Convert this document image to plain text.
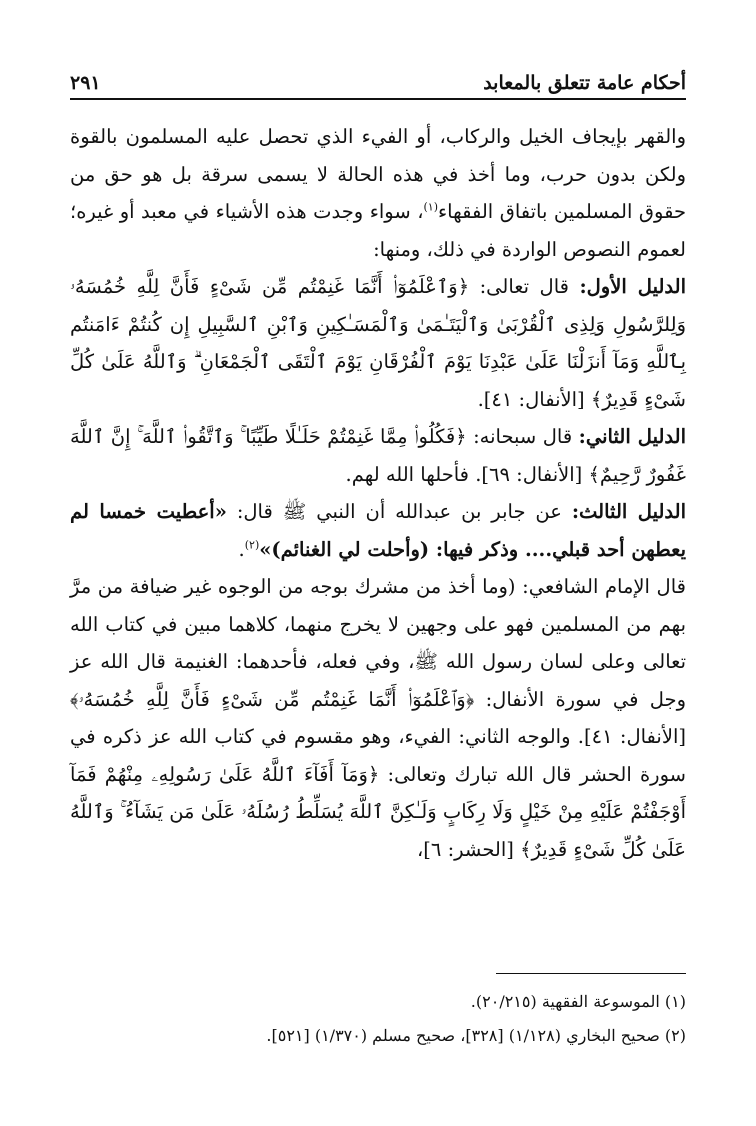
أحكام عامة تتعلق بالمعابد
٢٩١

والقهر بإيجاف الخيل والركاب، أو الفيء الذي تحصل عليه المسلمون بالقوة ولكن بدون حرب، وما أخذ في هذه الحالة لا يسمى سرقة بل هو حق من حقوق المسلمين باتفاق الفقهاء$^{(١)}$، سواء وجدت هذه الأشياء في معبد أو غيره؛ لعموم النصوص الواردة في ذلك، ومنها:

الدليل الأول: قال تعالى: ﴿وَٱعْلَمُوٓا۟ أَنَّمَا غَنِمْتُم مِّن شَىْءٍ فَأَنَّ لِلَّهِ خُمُسَهُۥ وَلِلرَّسُولِ وَلِذِى ٱلْقُرْبَىٰ وَٱلْيَتَـٰمَىٰ وَٱلْمَسَـٰكِينِ وَٱبْنِ ٱلسَّبِيلِ إِن كُنتُمْ ءَامَنتُم بِٱللَّهِ وَمَآ أَنزَلْنَا عَلَىٰ عَبْدِنَا يَوْمَ ٱلْفُرْقَانِ يَوْمَ ٱلْتَقَى ٱلْجَمْعَانِ ۗ وَٱللَّهُ عَلَىٰ كُلِّ شَىْءٍ قَدِيرٌ﴾ [الأنفال: ٤١].

الدليل الثاني: قال سبحانه: ﴿فَكُلُوا۟ مِمَّا غَنِمْتُمْ حَلَـٰلًا طَيِّبًا ۚ وَٱتَّقُوا۟ ٱللَّهَ ۚ إِنَّ ٱللَّهَ غَفُورٌ رَّحِيمٌ﴾ [الأنفال: ٦٩]. فأحلها الله لهم.

الدليل الثالث: عن جابر بن عبدالله أن النبي ﷺ قال: «أعطيت خمسا لم يعطهن أحد قبلي.... وذكر فيها: (وأحلت لي الغنائم)»$^{(٢)}$.

قال الإمام الشافعي: (وما أخذ من مشرك بوجه من الوجوه غير ضيافة من مرَّ بهم من المسلمين فهو على وجهين لا يخرج منهما، كلاهما مبين في كتاب الله تعالى وعلى لسان رسول الله ﷺ، وفي فعله، فأحدهما: الغنيمة قال الله عز وجل في سورة الأنفال: ﴿وَٱعْلَمُوٓا۟ أَنَّمَا غَنِمْتُم مِّن شَىْءٍ فَأَنَّ لِلَّهِ خُمُسَهُۥ﴾ [الأنفال: ٤١]. والوجه الثاني: الفيء، وهو مقسوم في كتاب الله عز ذكره في سورة الحشر قال الله تبارك وتعالى: ﴿وَمَآ أَفَآءَ ٱللَّهُ عَلَىٰ رَسُولِهِۦ مِنْهُمْ فَمَآ أَوْجَفْتُمْ عَلَيْهِ مِنْ خَيْلٍ وَلَا رِكَابٍ وَلَـٰكِنَّ ٱللَّهَ يُسَلِّطُ رُسُلَهُۥ عَلَىٰ مَن يَشَآءُ ۚ وَٱللَّهُ عَلَىٰ كُلِّ شَىْءٍ قَدِيرٌ﴾ [الحشر: ٦]،

(١) الموسوعة الفقهية (٢٠/٢١٥).
(٢) صحيح البخاري (١/١٢٨) [٣٢٨]، صحيح مسلم (١/٣٧٠) [٥٢١].
